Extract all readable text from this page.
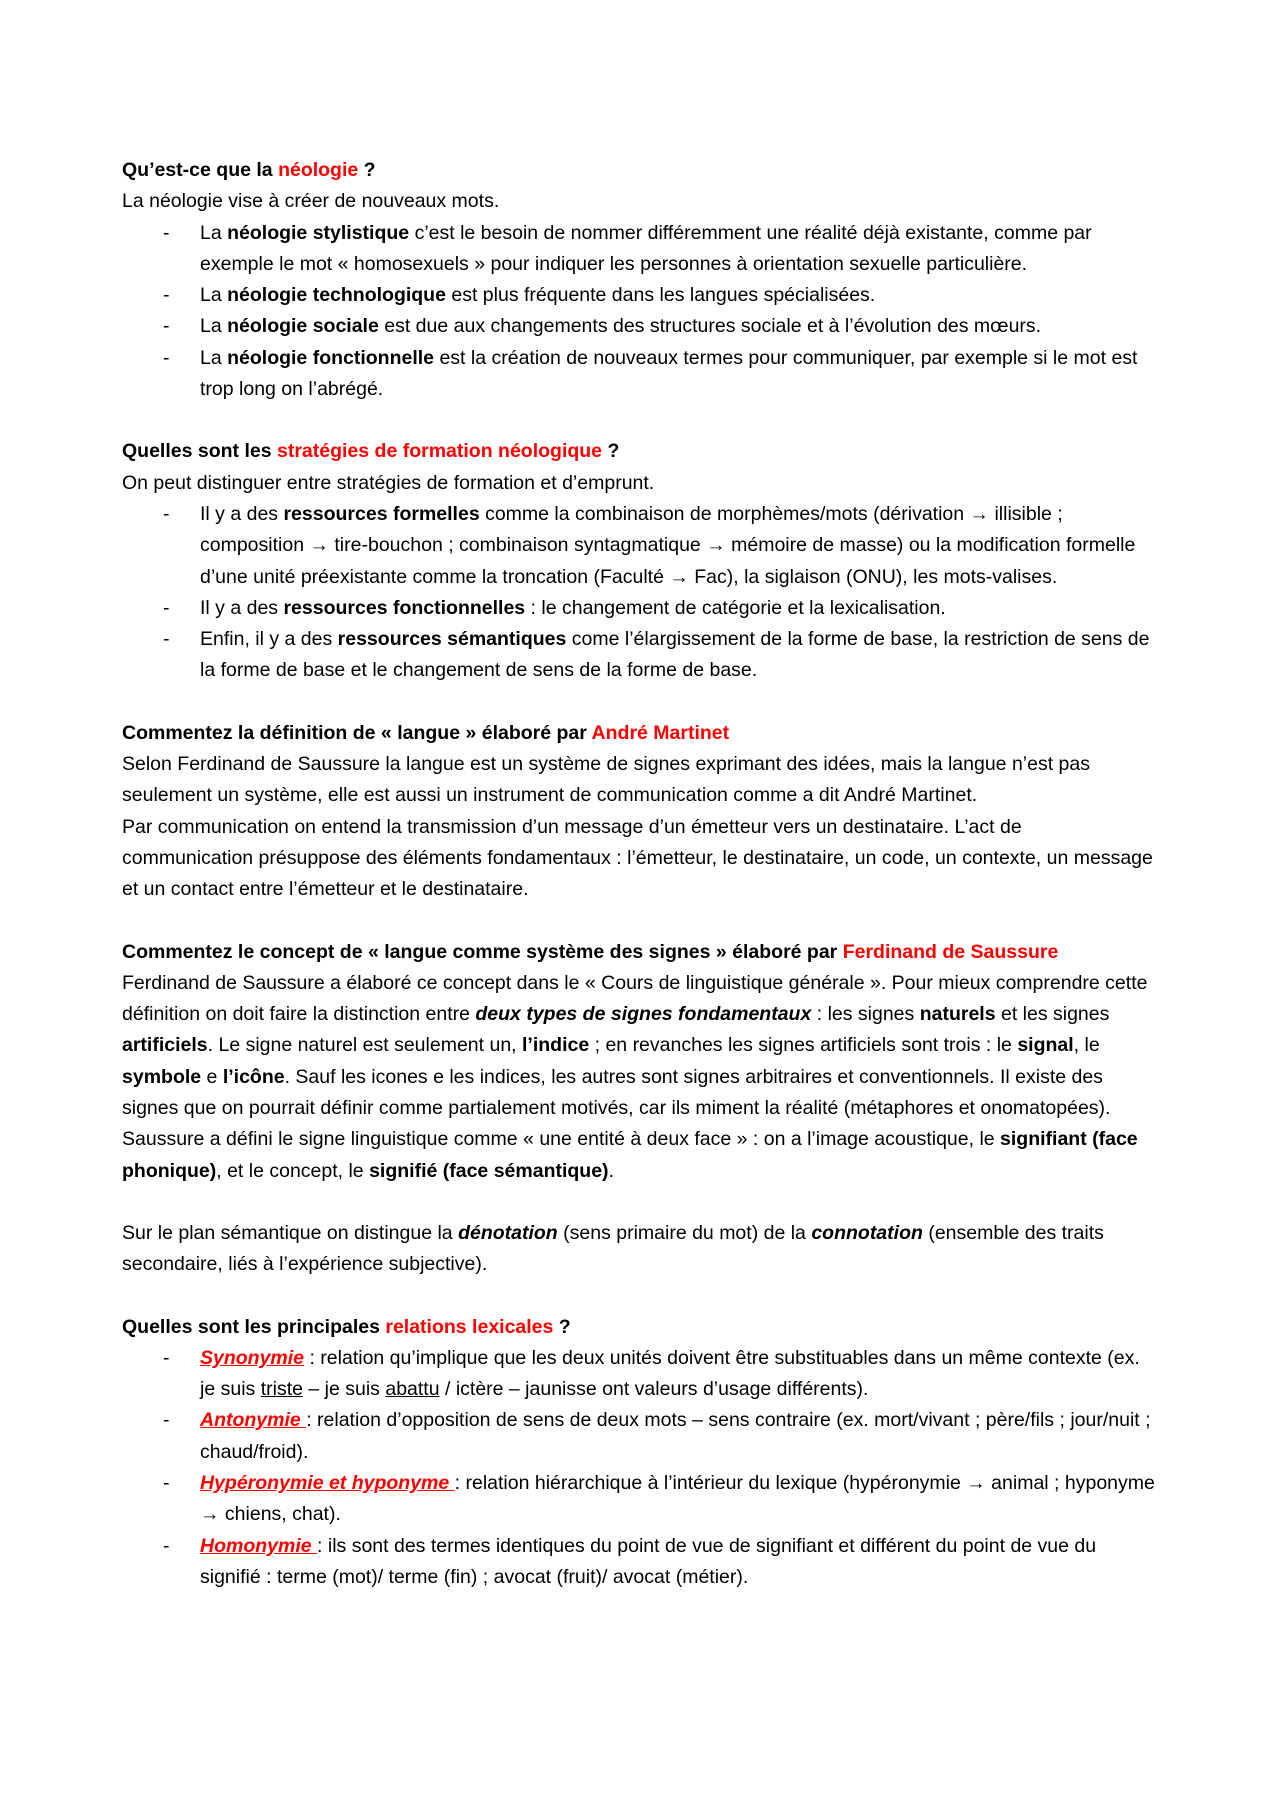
Qu’est-ce que la néologie ?

La néologie vise à créer de nouveaux mots.

- La néologie stylistique c’est le besoin de nommer différemment une réalité déjà existante, comme par exemple le mot « homosexuels » pour indiquer les personnes à orientation sexuelle particulière.
- La néologie technologique est plus fréquente dans les langues spécialisées.
- La néologie sociale est due aux changements des structures sociale et à l’évolution des mœurs.
- La néologie fonctionnelle est la création de nouveaux termes pour communiquer, par exemple si le mot est trop long on l’abrégé.

Quelles sont les stratégies de formation néologique ?

On peut distinguer entre stratégies de formation et d’emprunt.

- Il y a des ressources formelles comme la combinaison de morphèmes/mots (dérivation → illisible ; composition → tire-bouchon ; combinaison syntagmatique → mémoire de masse) ou la modification formelle d’une unité préexistante comme la troncation (Faculté → Fac), la siglaison (ONU), les mots-valises.
- Il y a des ressources fonctionnelles : le changement de catégorie et la lexicalisation.
- Enfin, il y a des ressources sémantiques come l’élargissement de la forme de base, la restriction de sens de la forme de base et le changement de sens de la forme de base.

Commentez la définition de « langue » élaboré par André Martinet

Selon Ferdinand de Saussure la langue est un système de signes exprimant des idées, mais la langue n’est pas seulement un système, elle est aussi un instrument de communication comme a dit André Martinet.

Par communication on entend la transmission d’un message d’un émetteur vers un destinataire. L’act de communication présuppose des éléments fondamentaux : l’émetteur, le destinataire, un code, un contexte, un message et un contact entre l’émetteur et le destinataire.

Commentez le concept de « langue comme système des signes » élaboré par Ferdinand de Saussure

Ferdinand de Saussure a élaboré ce concept dans le « Cours de linguistique générale ». Pour mieux comprendre cette définition on doit faire la distinction entre deux types de signes fondamentaux : les signes naturels et les signes artificiels. Le signe naturel est seulement un, l’indice ; en revanches les signes artificiels sont trois : le signal, le symbole e l’icône. Sauf les icones e les indices, les autres sont signes arbitraires et conventionnels. Il existe des signes que on pourrait définir comme partialement motivés, car ils miment la réalité (métaphores et onomatopées).

Saussure a défini le signe linguistique comme « une entité à deux face » : on a l’image acoustique, le signifiant (face phonique), et le concept, le signifié (face sémantique).

Sur le plan sémantique on distingue la dénotation (sens primaire du mot) de la connotation (ensemble des traits secondaire, liés à l’expérience subjective).

Quelles sont les principales relations lexicales ?

- Synonymie : relation qu’implique que les deux unités doivent être substituables dans un même contexte (ex. je suis triste – je suis abattu / ictère – jaunisse ont valeurs d’usage différents).
- Antonymie : relation d’opposition de sens de deux mots – sens contraire (ex. mort/vivant ; père/fils ; jour/nuit ; chaud/froid).
- Hypéronymie et hyponyme : relation hiérarchique à l’intérieur du lexique (hypéronymie → animal ; hyponyme → chiens, chat).
- Homonymie : ils sont des termes identiques du point de vue de signifiant et différent du point de vue du signifié : terme (mot)/ terme (fin) ; avocat (fruit)/ avocat (métier).
